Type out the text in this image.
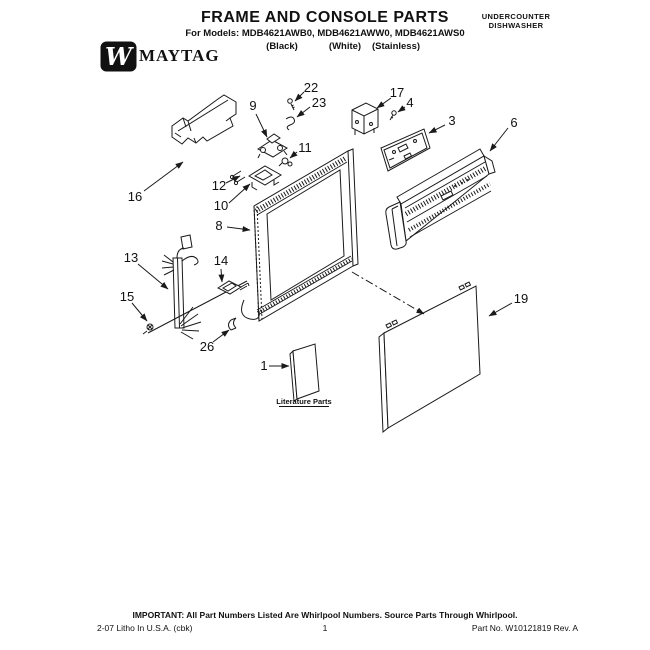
FRAME AND CONSOLE PARTS
For Models: MDB4621AWB0, MDB4621AWW0, MDB4621AWS0
(Black)	(White) (Stainless)
UNDERCOUNTER
DISHWASHER
W MAYTAG
16
9
22
23
11
12
10
8
13
15
14
26
1
17
4
3	6
19
Literature Parts
IMPORTANT: All Part Numbers Listed Are Whirlpool Numbers. Source Parts Through Whirlpool.
2-07 Litho In U.S.A. (cbk)	1	Part No. W10121819 Rev. A
